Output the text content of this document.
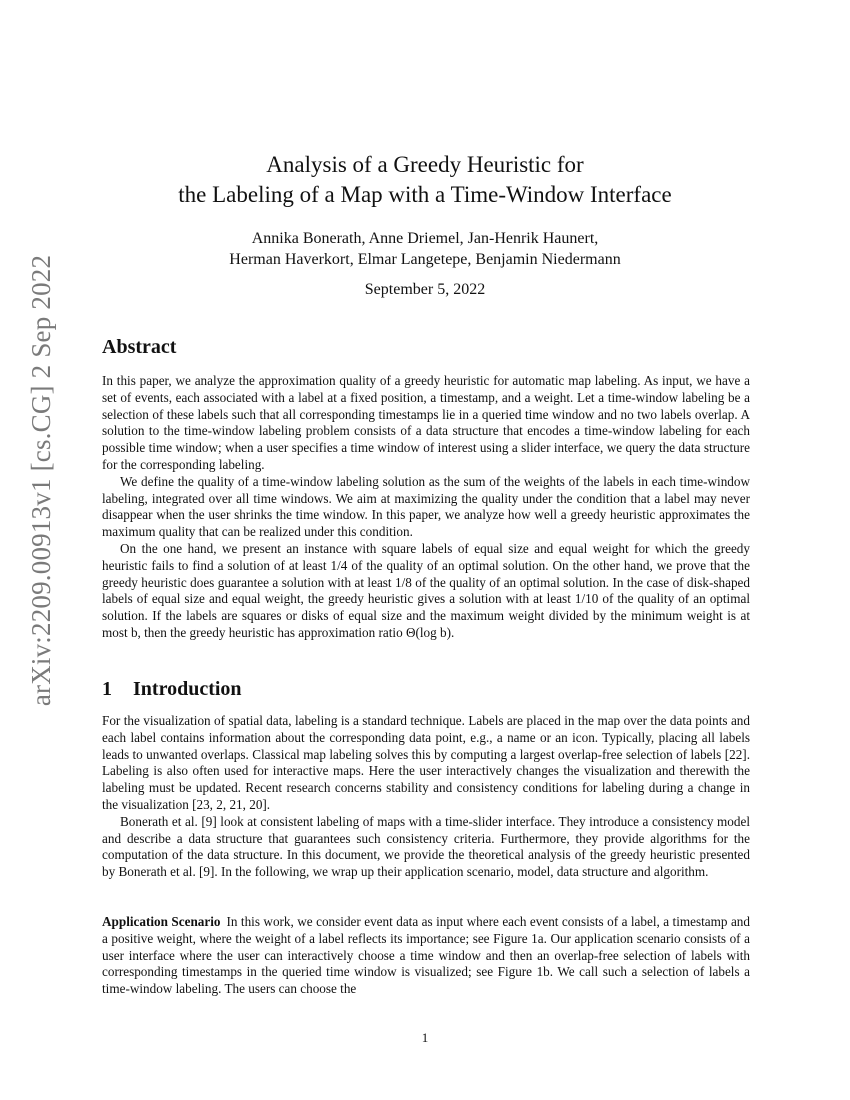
arXiv:2209.00913v1 [cs.CG] 2 Sep 2022
Analysis of a Greedy Heuristic for
the Labeling of a Map with a Time-Window Interface
Annika Bonerath, Anne Driemel, Jan-Henrik Haunert,
Herman Haverkort, Elmar Langetepe, Benjamin Niedermann
September 5, 2022
Abstract

In this paper, we analyze the approximation quality of a greedy heuristic for automatic map labeling. As input, we have a set of events, each associated with a label at a fixed position, a timestamp, and a weight. Let a time-window labeling be a selection of these labels such that all corresponding timestamps lie in a queried time window and no two labels overlap. A solution to the time-window labeling problem consists of a data structure that encodes a time-window labeling for each possible time window; when a user specifies a time window of interest using a slider interface, we query the data structure for the corresponding labeling.

We define the quality of a time-window labeling solution as the sum of the weights of the labels in each time-window labeling, integrated over all time windows. We aim at maximizing the quality under the condition that a label may never disappear when the user shrinks the time window. In this paper, we analyze how well a greedy heuristic approximates the maximum quality that can be realized under this condition.

On the one hand, we present an instance with square labels of equal size and equal weight for which the greedy heuristic fails to find a solution of at least 1/4 of the quality of an optimal solution. On the other hand, we prove that the greedy heuristic does guarantee a solution with at least 1/8 of the quality of an optimal solution. In the case of disk-shaped labels of equal size and equal weight, the greedy heuristic gives a solution with at least 1/10 of the quality of an optimal solution. If the labels are squares or disks of equal size and the maximum weight divided by the minimum weight is at most b, then the greedy heuristic has approximation ratio Θ(log b).

1 Introduction

For the visualization of spatial data, labeling is a standard technique. Labels are placed in the map over the data points and each label contains information about the corresponding data point, e.g., a name or an icon. Typically, placing all labels leads to unwanted overlaps. Classical map labeling solves this by computing a largest overlap-free selection of labels [22]. Labeling is also often used for interactive maps. Here the user interactively changes the visualization and therewith the labeling must be updated. Recent research concerns stability and consistency conditions for labeling during a change in the visualization [23, 2, 21, 20].

Bonerath et al. [9] look at consistent labeling of maps with a time-slider interface. They introduce a consistency model and describe a data structure that guarantees such consistency criteria. Furthermore, they provide algorithms for the computation of the data structure. In this document, we provide the theoretical analysis of the greedy heuristic presented by Bonerath et al. [9]. In the following, we wrap up their application scenario, model, data structure and algorithm.

Application Scenario In this work, we consider event data as input where each event consists of a label, a timestamp and a positive weight, where the weight of a label reflects its importance; see Figure 1a. Our application scenario consists of a user interface where the user can interactively choose a time window and then an overlap-free selection of labels with corresponding timestamps in the queried time window is visualized; see Figure 1b. We call such a selection of labels a time-window labeling. The users can choose the

1
